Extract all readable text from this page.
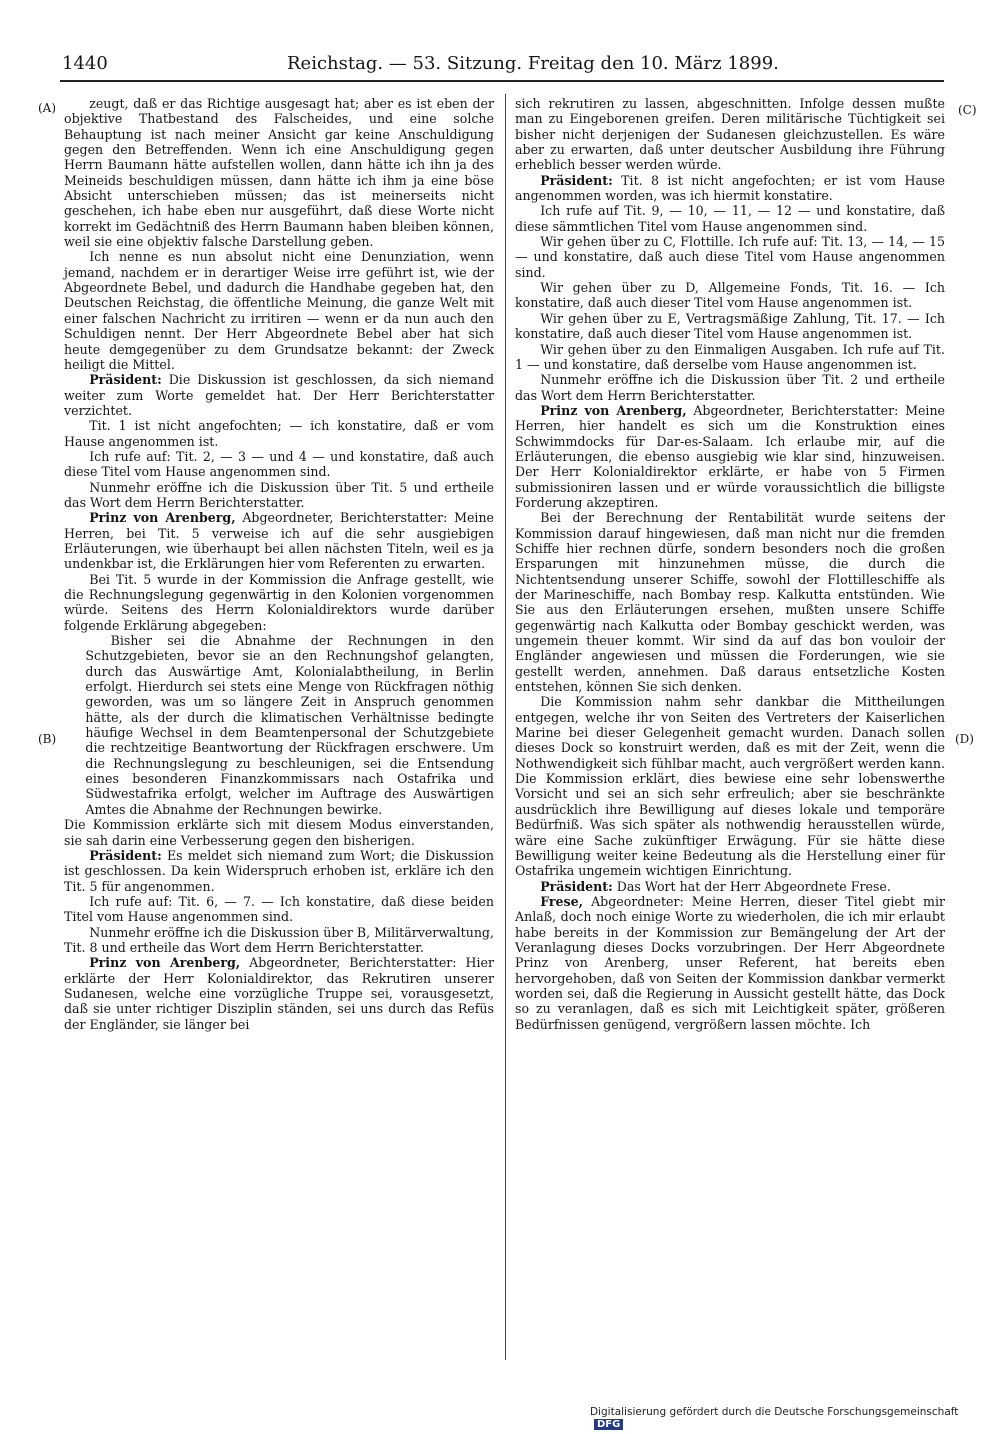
1440	Reichstag. — 53. Sitzung. Freitag den 10. März 1899.
(A)
(B)
(C)
(D)

zeugt, daß er das Richtige ausgesagt hat; aber es ist eben der objektive Thatbestand des Falscheides, und eine solche Behauptung ist nach meiner Ansicht gar keine Anschuldigung gegen den Betreffenden. Wenn ich eine Anschuldigung gegen Herrn Baumann hätte aufstellen wollen, dann hätte ich ihn ja des Meineids beschuldigen müssen, dann hätte ich ihm ja eine böse Absicht unterschieben müssen; das ist meinerseits nicht geschehen, ich habe eben nur ausgeführt, daß diese Worte nicht korrekt im Gedächtniß des Herrn Baumann haben bleiben können, weil sie eine objektiv falsche Darstellung geben.

Ich nenne es nun absolut nicht eine Denunziation, wenn jemand, nachdem er in derartiger Weise irre geführt ist, wie der Abgeordnete Bebel, und dadurch die Handhabe gegeben hat, den Deutschen Reichstag, die öffentliche Meinung, die ganze Welt mit einer falschen Nachricht zu irritiren — wenn er da nun auch den Schuldigen nennt. Der Herr Abgeordnete Bebel aber hat sich heute demgegenüber zu dem Grundsatze bekannt: der Zweck heiligt die Mittel.

Präsident: Die Diskussion ist geschlossen, da sich niemand weiter zum Worte gemeldet hat. Der Herr Berichterstatter verzichtet.

Tit. 1 ist nicht angefochten; — ich konstatire, daß er vom Hause angenommen ist.

Ich rufe auf: Tit. 2, — 3 — und 4 — und konstatire, daß auch diese Titel vom Hause angenommen sind.

Nunmehr eröffne ich die Diskussion über Tit. 5 und ertheile das Wort dem Herrn Berichterstatter.

Prinz von Arenberg, Abgeordneter, Berichterstatter: Meine Herren, bei Tit. 5 verweise ich auf die sehr ausgiebigen Erläuterungen, wie überhaupt bei allen nächsten Titeln, weil es ja undenkbar ist, die Erklärungen hier vom Referenten zu erwarten.

Bei Tit. 5 wurde in der Kommission die Anfrage gestellt, wie die Rechnungslegung gegenwärtig in den Kolonien vorgenommen würde. Seitens des Herrn Kolonialdirektors wurde darüber folgende Erklärung abgegeben:

Bisher sei die Abnahme der Rechnungen in den Schutzgebieten, bevor sie an den Rechnungshof gelangten, durch das Auswärtige Amt, Kolonialabtheilung, in Berlin erfolgt. Hierdurch sei stets eine Menge von Rückfragen nöthig geworden, was um so längere Zeit in Anspruch genommen hätte, als der durch die klimatischen Verhältnisse bedingte häufige Wechsel in dem Beamtenpersonal der Schutzgebiete die rechtzeitige Beantwortung der Rückfragen erschwere. Um die Rechnungslegung zu beschleunigen, sei die Entsendung eines besonderen Finanzkommissars nach Ostafrika und Südwestafrika erfolgt, welcher im Auftrage des Auswärtigen Amtes die Abnahme der Rechnungen bewirke.

Die Kommission erklärte sich mit diesem Modus einverstanden, sie sah darin eine Verbesserung gegen den bisherigen.

Präsident: Es meldet sich niemand zum Wort; die Diskussion ist geschlossen. Da kein Widerspruch erhoben ist, erkläre ich den Tit. 5 für angenommen.

Ich rufe auf: Tit. 6, — 7. — Ich konstatire, daß diese beiden Titel vom Hause angenommen sind.

Nunmehr eröffne ich die Diskussion über B, Militärverwaltung, Tit. 8 und ertheile das Wort dem Herrn Berichterstatter.

Prinz von Arenberg, Abgeordneter, Berichterstatter: Hier erklärte der Herr Kolonialdirektor, das Rekrutiren unserer Sudanesen, welche eine vorzügliche Truppe sei, vorausgesetzt, daß sie unter richtiger Disziplin ständen, sei uns durch das Refüs der Engländer, sie länger bei

sich rekrutiren zu lassen, abgeschnitten. Infolge dessen mußte man zu Eingeborenen greifen. Deren militärische Tüchtigkeit sei bisher nicht derjenigen der Sudanesen gleichzustellen. Es wäre aber zu erwarten, daß unter deutscher Ausbildung ihre Führung erheblich besser werden würde.

Präsident: Tit. 8 ist nicht angefochten; er ist vom Hause angenommen worden, was ich hiermit konstatire.

Ich rufe auf Tit. 9, — 10, — 11, — 12 — und konstatire, daß diese sämmtlichen Titel vom Hause angenommen sind.

Wir gehen über zu C, Flottille. Ich rufe auf: Tit. 13, — 14, — 15 — und konstatire, daß auch diese Titel vom Hause angenommen sind.

Wir gehen über zu D, Allgemeine Fonds, Tit. 16. — Ich konstatire, daß auch dieser Titel vom Hause angenommen ist.

Wir gehen über zu E, Vertragsmäßige Zahlung, Tit. 17. — Ich konstatire, daß auch dieser Titel vom Hause angenommen ist.

Wir gehen über zu den Einmaligen Ausgaben. Ich rufe auf Tit. 1 — und konstatire, daß derselbe vom Hause angenommen ist.

Nunmehr eröffne ich die Diskussion über Tit. 2 und ertheile das Wort dem Herrn Berichterstatter.

Prinz von Arenberg, Abgeordneter, Berichterstatter: Meine Herren, hier handelt es sich um die Konstruktion eines Schwimmdocks für Dar-es-Salaam. Ich erlaube mir, auf die Erläuterungen, die ebenso ausgiebig wie klar sind, hinzuweisen. Der Herr Kolonialdirektor erklärte, er habe von 5 Firmen submissioniren lassen und er würde voraussichtlich die billigste Forderung akzeptiren.

Bei der Berechnung der Rentabilität wurde seitens der Kommission darauf hingewiesen, daß man nicht nur die fremden Schiffe hier rechnen dürfe, sondern besonders noch die großen Ersparungen mit hinzunehmen müsse, die durch die Nichtentsendung unserer Schiffe, sowohl der Flottilleschiffe als der Marineschiffe, nach Bombay resp. Kalkutta entstünden. Wie Sie aus den Erläuterungen ersehen, mußten unsere Schiffe gegenwärtig nach Kalkutta oder Bombay geschickt werden, was ungemein theuer kommt. Wir sind da auf das bon vouloir der Engländer angewiesen und müssen die Forderungen, wie sie gestellt werden, annehmen. Daß daraus entsetzliche Kosten entstehen, können Sie sich denken.

Die Kommission nahm sehr dankbar die Mittheilungen entgegen, welche ihr von Seiten des Vertreters der Kaiserlichen Marine bei dieser Gelegenheit gemacht wurden. Danach sollen dieses Dock so konstruirt werden, daß es mit der Zeit, wenn die Nothwendigkeit sich fühlbar macht, auch vergrößert werden kann. Die Kommission erklärt, dies bewiese eine sehr lobenswerthe Vorsicht und sei an sich sehr erfreulich; aber sie beschränkte ausdrücklich ihre Bewilligung auf dieses lokale und temporäre Bedürfniß. Was sich später als nothwendig herausstellen würde, wäre eine Sache zukünftiger Erwägung. Für sie hätte diese Bewilligung weiter keine Bedeutung als die Herstellung einer für Ostafrika ungemein wichtigen Einrichtung.

Präsident: Das Wort hat der Herr Abgeordnete Frese.

Frese, Abgeordneter: Meine Herren, dieser Titel giebt mir Anlaß, doch noch einige Worte zu wiederholen, die ich mir erlaubt habe bereits in der Kommission zur Bemängelung der Art der Veranlagung dieses Docks vorzubringen. Der Herr Abgeordnete Prinz von Arenberg, unser Referent, hat bereits eben hervorgehoben, daß von Seiten der Kommission dankbar vermerkt worden sei, daß die Regierung in Aussicht gestellt hätte, das Dock so zu veranlagen, daß es sich mit Leichtigkeit später, größeren Bedürfnissen genügend, vergrößern lassen möchte. Ich

Digitalisierung gefördert durch die Deutsche Forschungsgemeinschaft DFG
